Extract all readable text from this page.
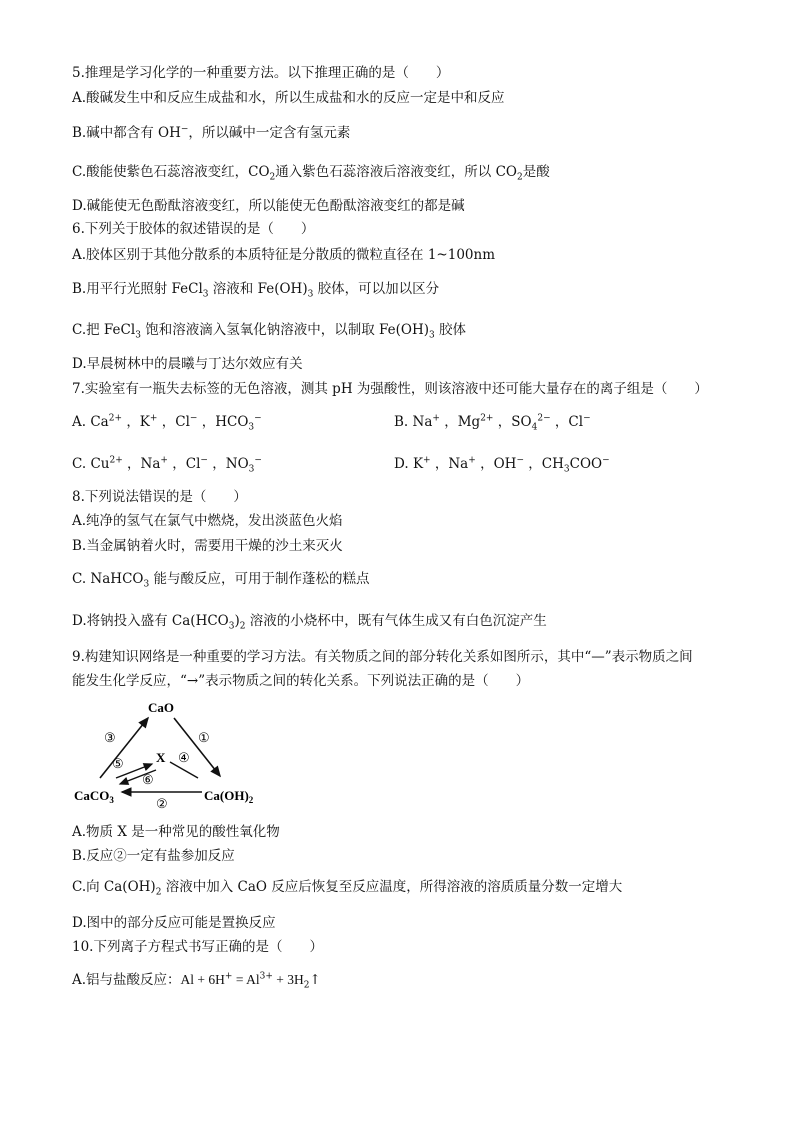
5.推理是学习化学的一种重要方法。以下推理正确的是（　　）
A.酸碱发生中和反应生成盐和水，所以生成盐和水的反应一定是中和反应
B.碱中都含有 OH−，所以碱中一定含有氢元素
C.酸能使紫色石蕊溶液变红，$CO_2$通入紫色石蕊溶液后溶液变红，所以 $CO_2$是酸
D.碱能使无色酚酞溶液变红，所以能使无色酚酞溶液变红的都是碱
6.下列关于胶体的叙述错误的是（　　）
A.胶体区别于其他分散系的本质特征是分散质的微粒直径在 1~100nm
B.用平行光照射 FeCl$_3$ 溶液和 $Fe(OH)_3$ 胶体，可以加以区分
C.把 FeCl$_3$ 饱和溶液滴入氢氧化钠溶液中，以制取 $Fe(OH)_3$ 胶体
D.早晨树林中的晨曦与丁达尔效应有关
7.实验室有一瓶失去标签的无色溶液，测其 pH 为强酸性，则该溶液中还可能大量存在的离子组是（　　）
A. $Ca^{2+}$ ，K+ ，Cl− ，$HCO_3^-$	B. Na+ ，$Mg^{2+}$ ，$SO_4^{2-}$ ，Cl−
C. $Cu^{2+}$ ，Na+ ，Cl− ，$NO_3^-$	D. K+ ，Na+ ，OH− ，$CH_3COO^-$
8.下列说法错误的是（　　）
A.纯净的氢气在氯气中燃烧，发出淡蓝色火焰
B.当金属钠着火时，需要用干燥的沙土来灭火
C. NaHCO$_3$ 能与酸反应，可用于制作蓬松的糕点
D.将钠投入盛有 $Ca(HCO_3)_2$ 溶液的小烧杯中，既有气体生成又有白色沉淀产生
9.构建知识网络是一种重要的学习方法。有关物质之间的部分转化关系如图所示，其中“—”表示物质之间
能发生化学反应，“→”表示物质之间的转化关系。下列说法正确的是（　　）
CaO
X
CaCO$_3$	$Ca(OH)_2$
③	①
④
⑤
⑥
②
A.物质 X 是一种常见的酸性氧化物
B.反应②一定有盐参加反应
C.向 $Ca(OH)_2$ 溶液中加入 CaO 反应后恢复至反应温度，所得溶液的溶质质量分数一定增大
D.图中的部分反应可能是置换反应
10.下列离子方程式书写正确的是（　　）
A.铝与盐酸反应：$Al + 6H^+ = Al^{3+}$ + $3H_2↑$
